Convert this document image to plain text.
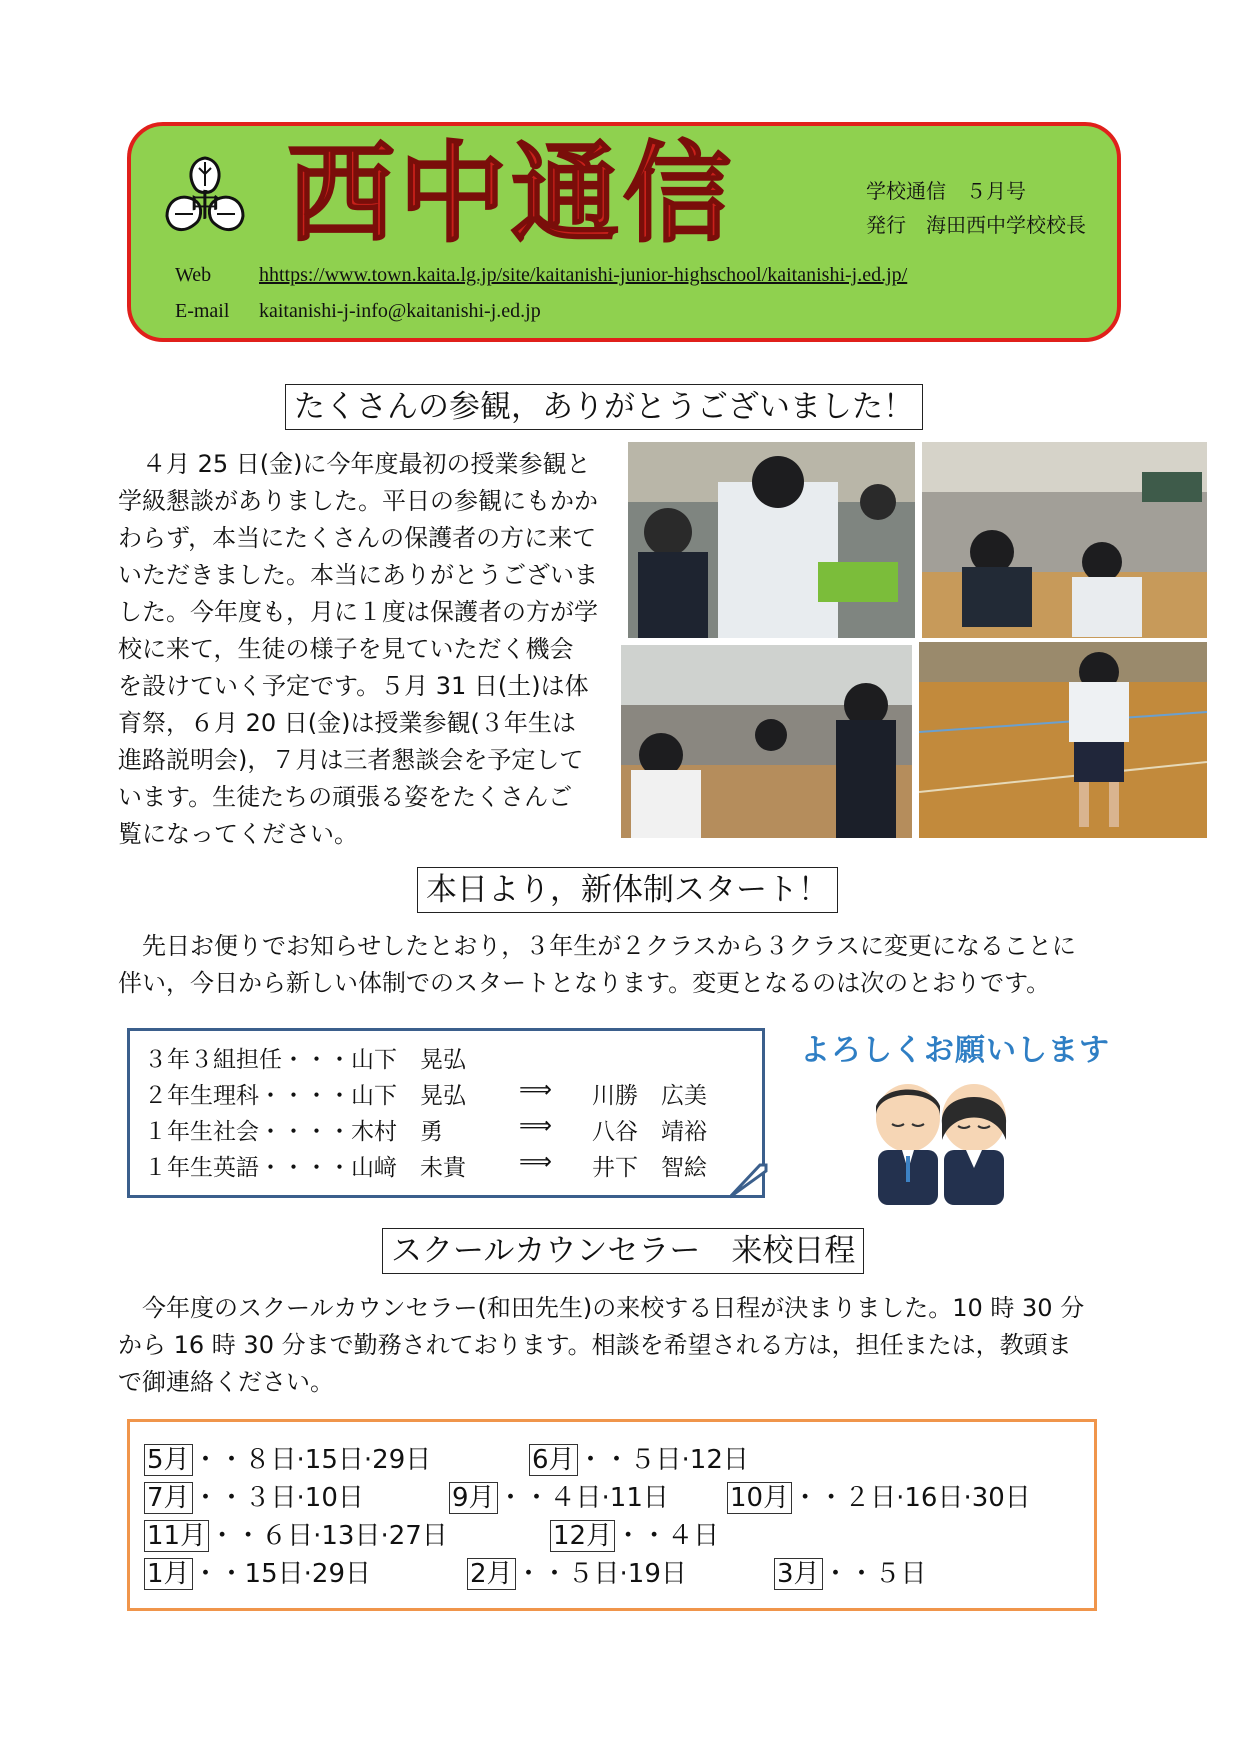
中 西中通信	学校通信　５月号
発行　海田西中学校校長
Web hhttps://www.town.kaita.lg.jp/site/kaitanishi-junior-highschool/kaitanishi-j.ed.jp/
E-mail kaitanishi-j-info@kaitanishi-j.ed.jp
たくさんの参観，ありがとうございました！
４月 25 日(金)に今年度最初の授業参観と
学級懇談がありました。平日の参観にもかか
わらず，本当にたくさんの保護者の方に来て
いただきました。本当にありがとうございま
した。今年度も，月に１度は保護者の方が学
校に来て，生徒の様子を見ていただく機会
を設けていく予定です。５月 31 日(土)は体
育祭，６月 20 日(金)は授業参観(３年生は
進路説明会)，７月は三者懇談会を予定して
います。生徒たちの頑張る姿をたくさんご
覧になってください。
本日より，新体制スタート！
先日お便りでお知らせしたとおり，３年生が２クラスから３クラスに変更になることに
伴い，今日から新しい体制でのスタートとなります。変更となるのは次のとおりです。
３年３組担任・・・山下　晃弘
２年生理科・・・・山下　晃弘 ⟹ 川勝　広美
１年生社会・・・・木村　勇	⟹ 八谷　靖裕
１年生英語・・・・山﨑　未貴 ⟹ 井下　智絵
よろしくお願いします
スクールカウンセラー　来校日程
今年度のスクールカウンセラー(和田先生)の来校する日程が決まりました。10 時 30 分
から 16 時 30 分まで勤務されております。相談を希望される方は，担任または，教頭ま
で御連絡ください。
5月 ・・８日·15日·29日	6月 ・・５日·12日
7月 ・・３日·10日	9月 ・・４日·11日 10月 ・・２日·16日·30日
11月 ・・６日·13日·27日	12月 ・・４日
1月 ・・15日·29日	2月 ・・５日·19日	3月 ・・５日
